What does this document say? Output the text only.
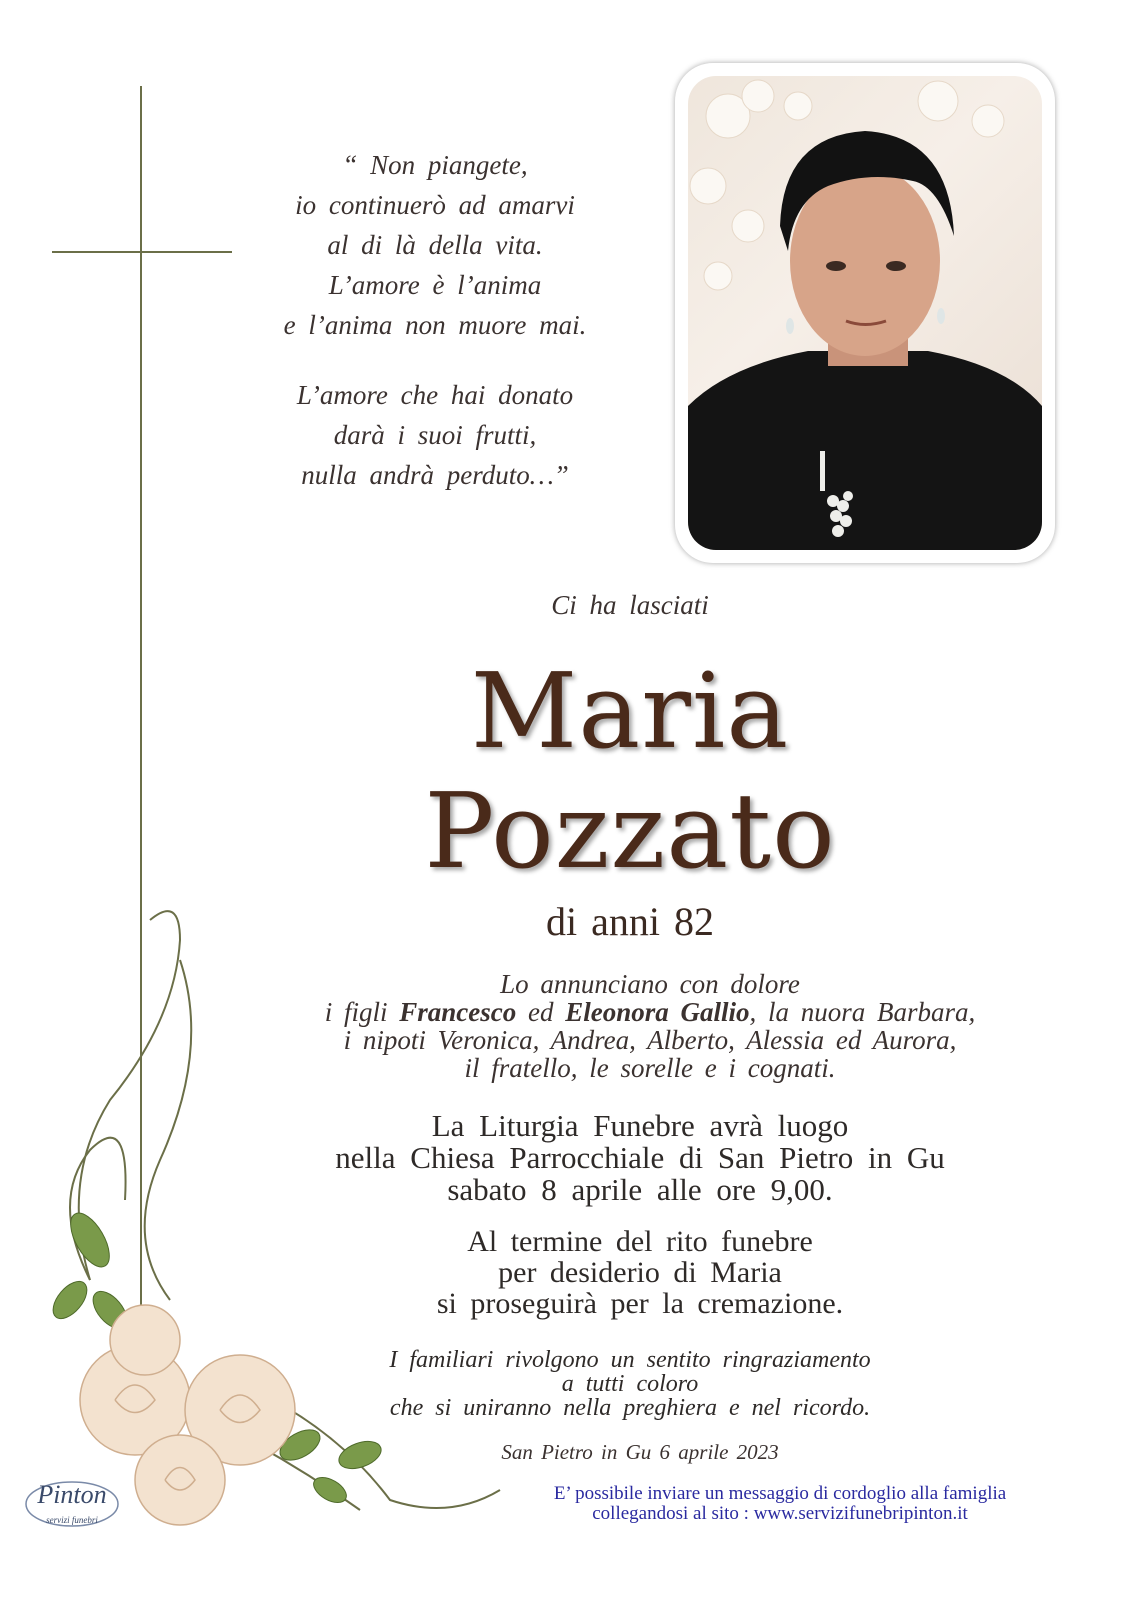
“ Non piangete,

io continuerò ad amarvi

al di là della vita.

L’amore è l’anima

e l’anima non muore mai.

L’amore che hai donato

darà i suoi frutti,

nulla andrà perduto…”

Ci ha lasciati
Maria
Pozzato
di anni 82

Lo annunciano con dolore

i figli Francesco ed Eleonora Gallio, la nuora Barbara,

i nipoti Veronica, Andrea, Alberto, Alessia ed Aurora,

il fratello, le sorelle e i cognati.

La Liturgia Funebre avrà luogo

nella Chiesa Parrocchiale di San Pietro in Gu

sabato 8 aprile alle ore 9,00.

Al termine del rito funebre

per desiderio di Maria

si proseguirà per la cremazione.

I familiari rivolgono un sentito ringraziamento

a tutti coloro

che si uniranno nella preghiera e nel ricordo.

San Pietro in Gu 6 aprile 2023

E’ possibile inviare un messaggio di cordoglio alla famiglia

collegandosi al sito : www.servizifunebripinton.it

Pinton
servizi funebri
